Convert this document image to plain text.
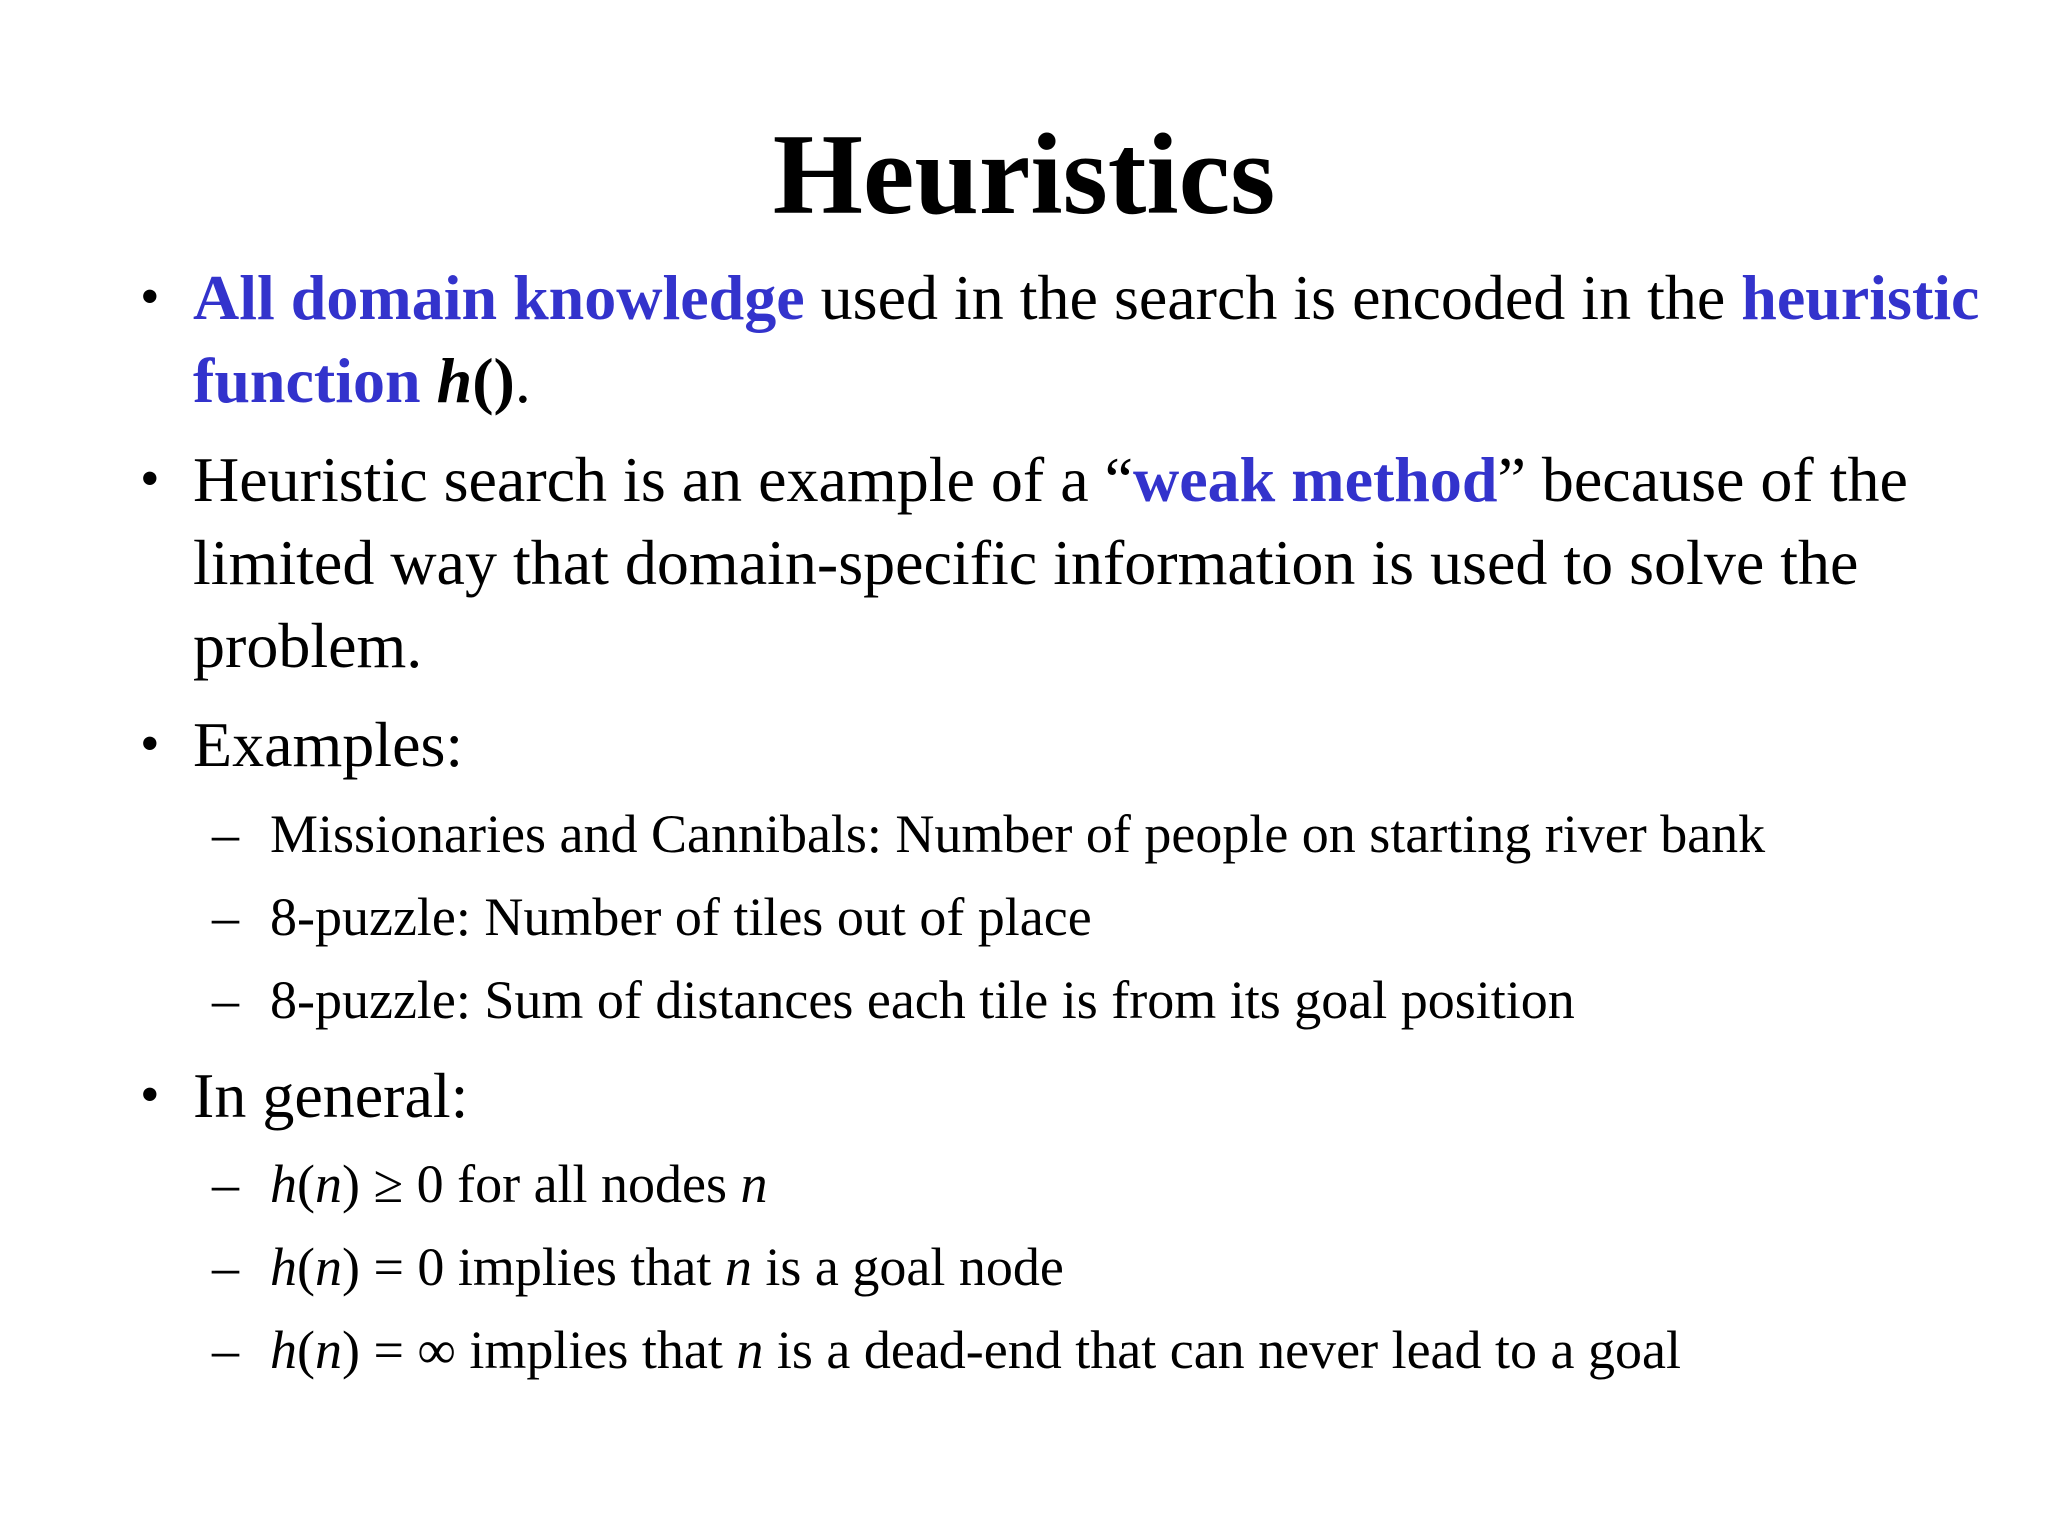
Heuristics
• All domain knowledge used in the search is encoded in the heuristic function h().
• Heuristic search is an example of a “weak method” because of the limited way that domain-specific information is used to solve the problem.
• Examples:
– Missionaries and Cannibals: Number of people on starting river bank
– 8-puzzle: Number of tiles out of place
– 8-puzzle: Sum of distances each tile is from its goal position
• In general:
– h(n) ≥ 0 for all nodes n
– h(n) = 0 implies that n is a goal node
– h(n) = ∞ implies that n is a dead-end that can never lead to a goal
